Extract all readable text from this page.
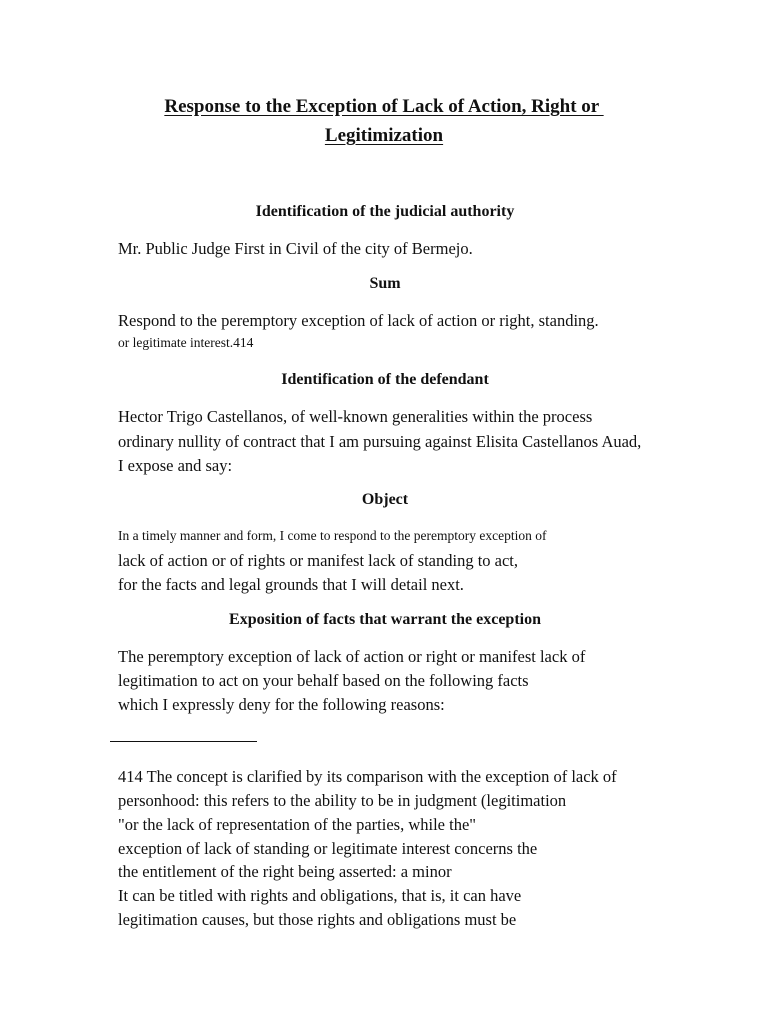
Response to the Exception of Lack of Action, Right or
Legitimization
Identification of the judicial authority
Mr. Public Judge First in Civil of the city of Bermejo.
Sum
Respond to the peremptory exception of lack of action or right, standing.
or legitimate interest.414
Identification of the defendant
Hector Trigo Castellanos, of well-known generalities within the process
ordinary nullity of contract that I am pursuing against Elisita Castellanos Auad,
I expose and say:
Object
In a timely manner and form, I come to respond to the peremptory exception of
lack of action or of rights or manifest lack of standing to act,
for the facts and legal grounds that I will detail next.
Exposition of facts that warrant the exception
The peremptory exception of lack of action or right or manifest lack of
legitimation to act on your behalf based on the following facts
which I expressly deny for the following reasons:
414 The concept is clarified by its comparison with the exception of lack of
personhood: this refers to the ability to be in judgment (legitimation
"or the lack of representation of the parties, while the"
exception of lack of standing or legitimate interest concerns the
the entitlement of the right being asserted: a minor
It can be titled with rights and obligations, that is, it can have
legitimation causes, but those rights and obligations must be
